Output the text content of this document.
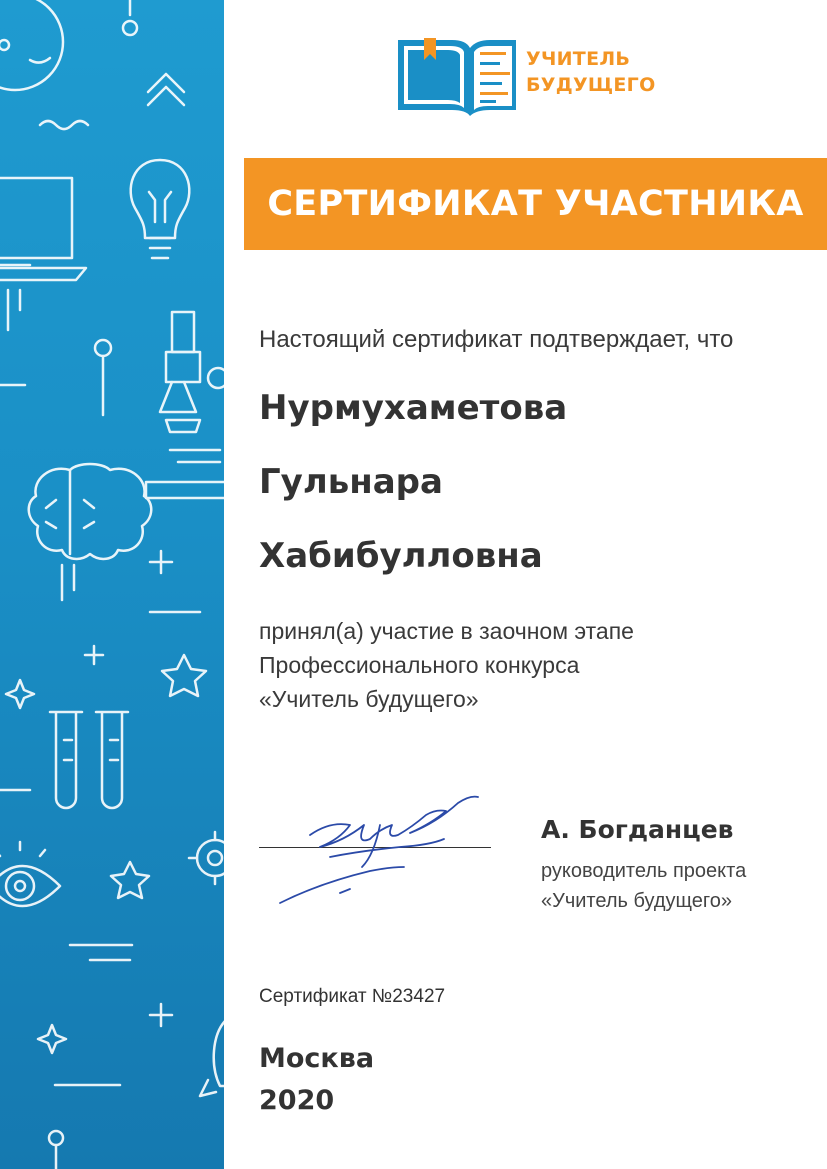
УЧИТЕЛЬ
БУДУЩЕГО
СЕРТИФИКАТ УЧАСТНИКА
Настоящий сертификат подтверждает, что
Нурмухаметова
Гульнара
Хабибулловна
принял(а) участие в заочном этапе
Профессионального конкурса
«Учитель будущего»
А. Богданцев
руководитель проекта
«Учитель будущего»
Сертификат №23427
Москва
2020
